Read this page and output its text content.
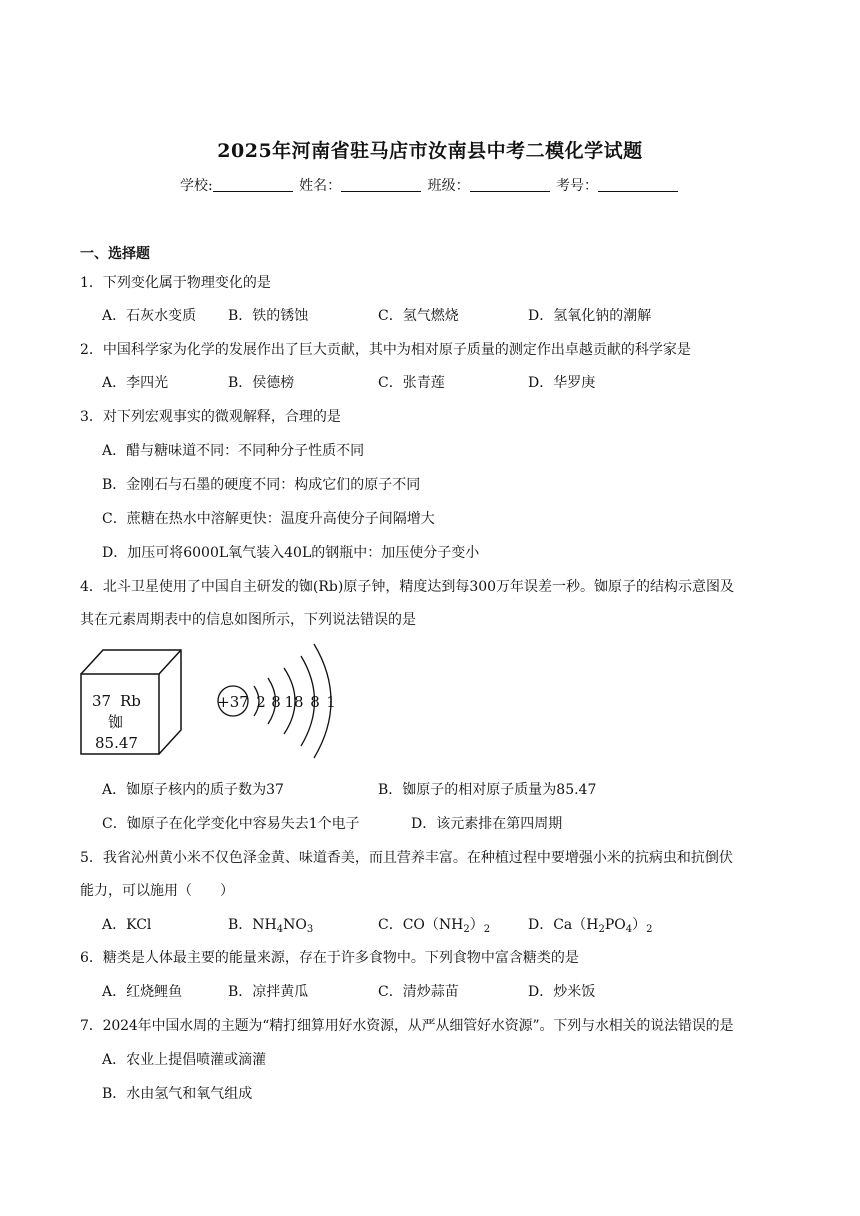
2025年河南省驻马店市汝南县中考二模化学试题
学校:	姓名：	班级：	考号：
一、选择题
1．下列变化属于物理变化的是
A．石灰水变质 B．铁的锈蚀	C．氢气燃烧	D．氢氧化钠的潮解
2．中国科学家为化学的发展作出了巨大贡献，其中为相对原子质量的测定作出卓越贡献的科学家是
A．李四光	B．侯德榜	C．张青莲	D．华罗庚
3．对下列宏观事实的微观解释，合理的是
A．醋与糖味道不同：不同种分子性质不同
B．金刚石与石墨的硬度不同：构成它们的原子不同
C．蔗糖在热水中溶解更快：温度升高使分子间隔增大
D．加压可将6000L氧气装入40L的钢瓶中：加压使分子变小
4．北斗卫星使用了中国自主研发的铷(Rb)原子钟，精度达到每300万年误差一秒。铷原子的结构示意图及
其在元素周期表中的信息如图所示，下列说法错误的是
37 Rb
铷
85.47
+37 2 8 18 8 1
A．铷原子核内的质子数为37	B．铷原子的相对原子质量为85.47
C．铷原子在化学变化中容易失去1个电子	D．该元素排在第四周期
5．我省沁州黄小米不仅色泽金黄、味道香美，而且营养丰富。在种植过程中要增强小米的抗病虫和抗倒伏
能力，可以施用（　　）
A．KCl	B．$NH_4NO_3$	C．$CO(NH_2)_2$	D．$Ca(H_2PO_4)_2$
6．糖类是人体最主要的能量来源，存在于许多食物中。下列食物中富含糖类的是
A．红烧鲤鱼	B．凉拌黄瓜	C．清炒蒜苗	D．炒米饭
7．2024年中国水周的主题为“精打细算用好水资源，从严从细管好水资源”。下列与水相关的说法错误的是
A．农业上提倡喷灌或滴灌
B．水由氢气和氧气组成
